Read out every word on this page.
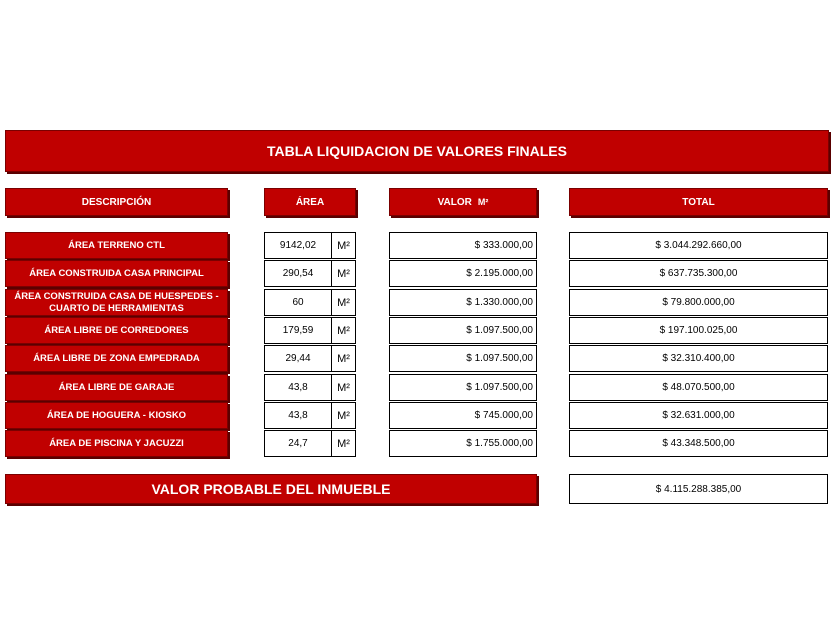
TABLA LIQUIDACION DE VALORES FINALES
DESCRIPCIÓN	ÁREA	VALOR M²	TOTAL
ÁREA TERRENO CTL	9142,02	M²	$ 333.000,00	$ 3.044.292.660,00
ÁREA CONSTRUIDA CASA PRINCIPAL	290,54	M²	$ 2.195.000,00	$ 637.735.300,00
ÁREA CONSTRUIDA CASA DE HUESPEDES - CUARTO DE HERRAMIENTAS	60	M²	$ 1.330.000,00	$ 79.800.000,00
ÁREA LIBRE DE CORREDORES	179,59	M²	$ 1.097.500,00	$ 197.100.025,00
ÁREA LIBRE DE ZONA EMPEDRADA	29,44	M²	$ 1.097.500,00	$ 32.310.400,00
ÁREA LIBRE DE GARAJE	43,8	M²	$ 1.097.500,00	$ 48.070.500,00
ÁREA DE HOGUERA - KIOSKO	43,8	M²	$ 745.000,00	$ 32.631.000,00
ÁREA DE PISCINA Y JACUZZI	24,7	M²	$ 1.755.000,00	$ 43.348.500,00
VALOR PROBABLE DEL INMUEBLE	$ 4.115.288.385,00
